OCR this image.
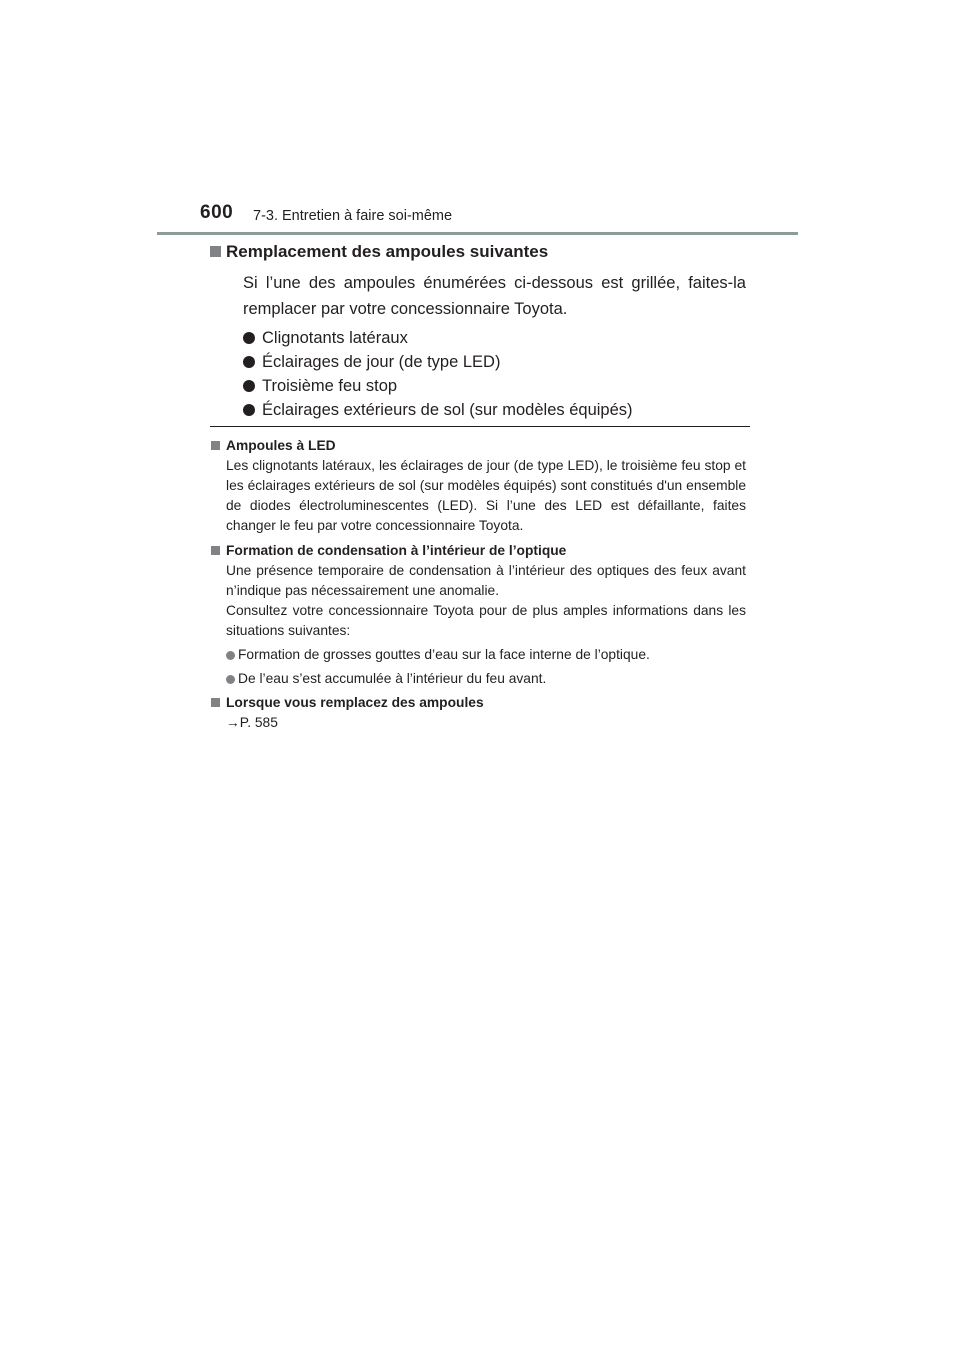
600 7-3. Entretien à faire soi-même
Remplacement des ampoules suivantes
Si l’une des ampoules énumérées ci-dessous est grillée, faites-la remplacer par votre concessionnaire Toyota.
Clignotants latéraux
Éclairages de jour (de type LED)
Troisième feu stop
Éclairages extérieurs de sol (sur modèles équipés)
Ampoules à LED
Les clignotants latéraux, les éclairages de jour (de type LED), le troisième feu stop et les éclairages extérieurs de sol (sur modèles équipés) sont constitués d'un ensemble de diodes électroluminescentes (LED). Si l’une des LED est défaillante, faites changer le feu par votre concessionnaire Toyota.
Formation de condensation à l’intérieur de l’optique
Une présence temporaire de condensation à l’intérieur des optiques des feux avant n’indique pas nécessairement une anomalie.
Consultez votre concessionnaire Toyota pour de plus amples informations dans les situations suivantes:
Formation de grosses gouttes d’eau sur la face interne de l’optique.
De l’eau s’est accumulée à l’intérieur du feu avant.
Lorsque vous remplacez des ampoules
→P. 585
